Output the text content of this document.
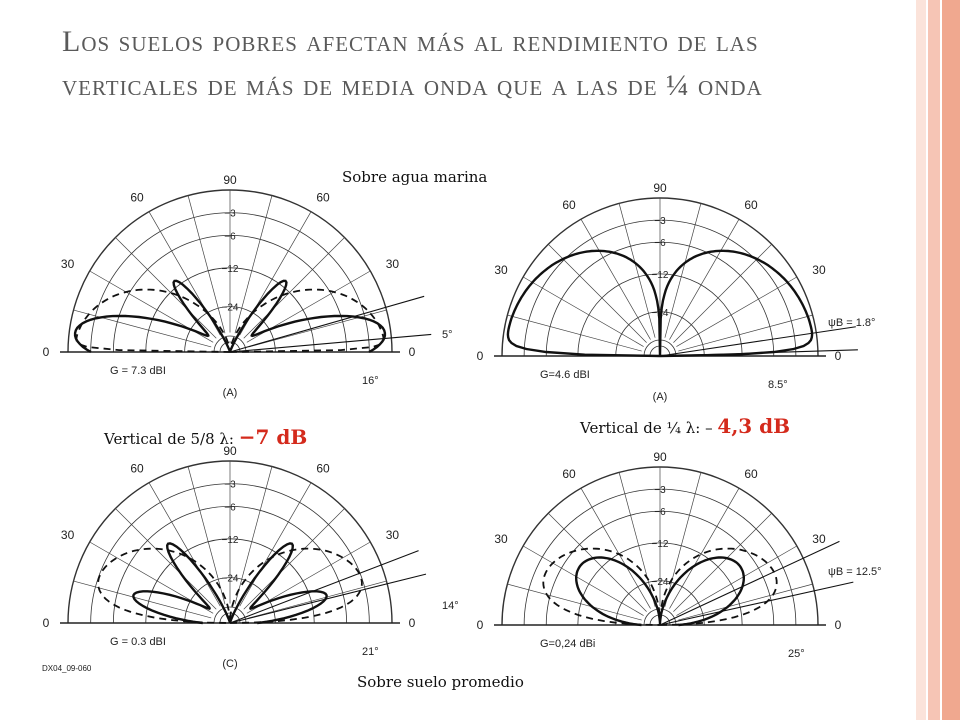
Los suelos pobres afectan más al rendimiento de las verticales de más de media onda que a las de ¼ onda
Sobre agua marina
Sobre suelo promedio
Vertical de 5/8 λ: −7 dB	Vertical de ¼ λ: – 4,3 dB
0	0
30	30
60	60
90
−3
−6
−12
−24
G = 7.3 dBI
(A)
16°
5°
0	0
30	30
60	60
90
−3
−6
−12
−24
G=4.6 dBI
(A)
ψB = 1.8°
8.5°
0	0
30	30
60	60
90
−3
−6
−12
−24
G = 0.3 dBI
(C)
DX04_09-060
21°
14°
0	0
30	30
60	60
90
−3
−6
−12
−24
G=0,24 dBi
ψB = 12.5°
25°
